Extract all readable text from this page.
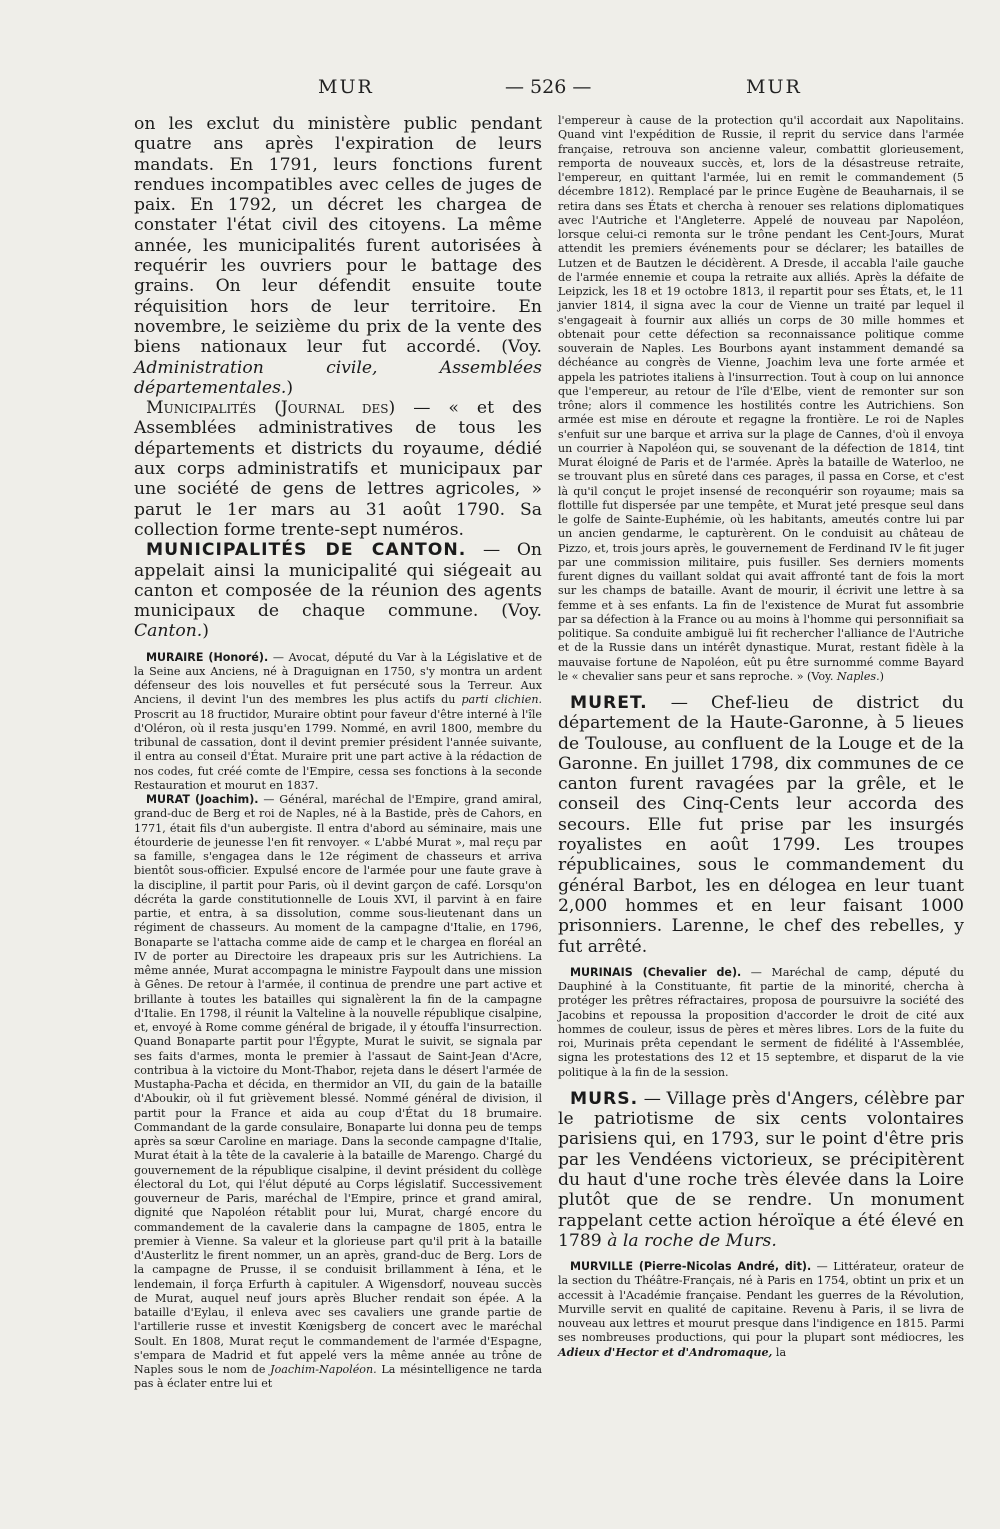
MUR	— 526 —	MUR

on les exclut du ministère public pendant quatre ans après l'expiration de leurs mandats. En 1791, leurs fonctions furent rendues incompatibles avec celles de juges de paix. En 1792, un décret les chargea de constater l'état civil des citoyens. La même année, les municipalités furent autorisées à requérir les ouvriers pour le battage des grains. On leur défendit ensuite toute réquisition hors de leur territoire. En novembre, le seizième du prix de la vente des biens nationaux leur fut accordé. (Voy. Administration civile, Assemblées départementales.)

Municipalités (Journal des) — « et des Assemblées administratives de tous les départements et districts du royaume, dédié aux corps administratifs et municipaux par une société de gens de lettres agricoles, » parut le 1er mars au 31 août 1790. Sa collection forme trente-sept numéros.

MUNICIPALITÉS DE CANTON. — On appelait ainsi la municipalité qui siégeait au canton et composée de la réunion des agents municipaux de chaque commune. (Voy. Canton.)

MURAIRE (Honoré). — Avocat, député du Var à la Législative et de la Seine aux Anciens, né à Draguignan en 1750, s'y montra un ardent défenseur des lois nouvelles et fut persécuté sous la Terreur. Aux Anciens, il devint l'un des membres les plus actifs du parti clichien. Proscrit au 18 fructidor, Muraire obtint pour faveur d'être interné à l'île d'Oléron, où il resta jusqu'en 1799. Nommé, en avril 1800, membre du tribunal de cassation, dont il devint premier président l'année suivante, il entra au conseil d'État. Muraire prit une part active à la rédaction de nos codes, fut créé comte de l'Empire, cessa ses fonctions à la seconde Restauration et mourut en 1837.

MURAT (Joachim). — Général, maréchal de l'Empire, grand amiral, grand-duc de Berg et roi de Naples, né à la Bastide, près de Cahors, en 1771, était fils d'un aubergiste. Il entra d'abord au séminaire, mais une étourderie de jeunesse l'en fit renvoyer. « L'abbé Murat », mal reçu par sa famille, s'engagea dans le 12e régiment de chasseurs et arriva bientôt sous-officier. Expulsé encore de l'armée pour une faute grave à la discipline, il partit pour Paris, où il devint garçon de café. Lorsqu'on décréta la garde constitutionnelle de Louis XVI, il parvint à en faire partie, et entra, à sa dissolution, comme sous-lieutenant dans un régiment de chasseurs. Au moment de la campagne d'Italie, en 1796, Bonaparte se l'attacha comme aide de camp et le chargea en floréal an IV de porter au Directoire les drapeaux pris sur les Autrichiens. La même année, Murat accompagna le ministre Faypoult dans une mission à Gênes. De retour à l'armée, il continua de prendre une part active et brillante à toutes les batailles qui signalèrent la fin de la campagne d'Italie. En 1798, il réunit la Valteline à la nouvelle république cisalpine, et, envoyé à Rome comme général de brigade, il y étouffa l'insurrection. Quand Bonaparte partit pour l'Égypte, Murat le suivit, se signala par ses faits d'armes, monta le premier à l'assaut de Saint-Jean d'Acre, contribua à la victoire du Mont-Thabor, rejeta dans le désert l'armée de Mustapha-Pacha et décida, en thermidor an VII, du gain de la bataille d'Aboukir, où il fut grièvement blessé. Nommé général de division, il partit pour la France et aida au coup d'État du 18 brumaire. Commandant de la garde consulaire, Bonaparte lui donna peu de temps après sa sœur Caroline en mariage. Dans la seconde campagne d'Italie, Murat était à la tête de la cavalerie à la bataille de Marengo. Chargé du gouvernement de la république cisalpine, il devint président du collège électoral du Lot, qui l'élut député au Corps législatif. Successivement gouverneur de Paris, maréchal de l'Empire, prince et grand amiral, dignité que Napoléon rétablit pour lui, Murat, chargé encore du commandement de la cavalerie dans la campagne de 1805, entra le premier à Vienne. Sa valeur et la glorieuse part qu'il prit à la bataille d'Austerlitz le firent nommer, un an après, grand-duc de Berg. Lors de la campagne de Prusse, il se conduisit brillamment à Iéna, et le lendemain, il força Erfurth à capituler. A Wigensdorf, nouveau succès de Murat, auquel neuf jours après Blucher rendait son épée. A la bataille d'Eylau, il enleva avec ses cavaliers une grande partie de l'artillerie russe et investit Kœnigsberg de concert avec le maréchal Soult. En 1808, Murat reçut le commandement de l'armée d'Espagne, s'empara de Madrid et fut appelé vers la même année au trône de Naples sous le nom de Joachim-Napoléon. La mésintelligence ne tarda pas à éclater entre lui et

l'empereur à cause de la protection qu'il accordait aux Napolitains. Quand vint l'expédition de Russie, il reprit du service dans l'armée française, retrouva son ancienne valeur, combattit glorieusement, remporta de nouveaux succès, et, lors de la désastreuse retraite, l'empereur, en quittant l'armée, lui en remit le commandement (5 décembre 1812). Remplacé par le prince Eugène de Beauharnais, il se retira dans ses États et chercha à renouer ses relations diplomatiques avec l'Autriche et l'Angleterre. Appelé de nouveau par Napoléon, lorsque celui-ci remonta sur le trône pendant les Cent-Jours, Murat attendit les premiers événements pour se déclarer; les batailles de Lutzen et de Bautzen le décidèrent. A Dresde, il accabla l'aile gauche de l'armée ennemie et coupa la retraite aux alliés. Après la défaite de Leipzick, les 18 et 19 octobre 1813, il repartit pour ses États, et, le 11 janvier 1814, il signa avec la cour de Vienne un traité par lequel il s'engageait à fournir aux alliés un corps de 30 mille hommes et obtenait pour cette défection sa reconnaissance politique comme souverain de Naples. Les Bourbons ayant instamment demandé sa déchéance au congrès de Vienne, Joachim leva une forte armée et appela les patriotes italiens à l'insurrection. Tout à coup on lui annonce que l'empereur, au retour de l'île d'Elbe, vient de remonter sur son trône; alors il commence les hostilités contre les Autrichiens. Son armée est mise en déroute et regagne la frontière. Le roi de Naples s'enfuit sur une barque et arriva sur la plage de Cannes, d'où il envoya un courrier à Napoléon qui, se souvenant de la défection de 1814, tint Murat éloigné de Paris et de l'armée. Après la bataille de Waterloo, ne se trouvant plus en sûreté dans ces parages, il passa en Corse, et c'est là qu'il conçut le projet insensé de reconquérir son royaume; mais sa flottille fut dispersée par une tempête, et Murat jeté presque seul dans le golfe de Sainte-Euphémie, où les habitants, ameutés contre lui par un ancien gendarme, le capturèrent. On le conduisit au château de Pizzo, et, trois jours après, le gouvernement de Ferdinand IV le fit juger par une commission militaire, puis fusiller. Ses derniers moments furent dignes du vaillant soldat qui avait affronté tant de fois la mort sur les champs de bataille. Avant de mourir, il écrivit une lettre à sa femme et à ses enfants. La fin de l'existence de Murat fut assombrie par sa défection à la France ou au moins à l'homme qui personnifiait sa politique. Sa conduite ambiguë lui fit rechercher l'alliance de l'Autriche et de la Russie dans un intérêt dynastique. Murat, restant fidèle à la mauvaise fortune de Napoléon, eût pu être surnommé comme Bayard le « chevalier sans peur et sans reproche. » (Voy. Naples.)

MURET. — Chef-lieu de district du département de la Haute-Garonne, à 5 lieues de Toulouse, au confluent de la Louge et de la Garonne. En juillet 1798, dix communes de ce canton furent ravagées par la grêle, et le conseil des Cinq-Cents leur accorda des secours. Elle fut prise par les insurgés royalistes en août 1799. Les troupes républicaines, sous le commandement du général Barbot, les en délogea en leur tuant 2,000 hommes et en leur faisant 1000 prisonniers. Larenne, le chef des rebelles, y fut arrêté.

MURINAIS (Chevalier de). — Maréchal de camp, député du Dauphiné à la Constituante, fit partie de la minorité, chercha à protéger les prêtres réfractaires, proposa de poursuivre la société des Jacobins et repoussa la proposition d'accorder le droit de cité aux hommes de couleur, issus de pères et mères libres. Lors de la fuite du roi, Murinais prêta cependant le serment de fidélité à l'Assemblée, signa les protestations des 12 et 15 septembre, et disparut de la vie politique à la fin de la session.

MURS. — Village près d'Angers, célèbre par le patriotisme de six cents volontaires parisiens qui, en 1793, sur le point d'être pris par les Vendéens victorieux, se précipitèrent du haut d'une roche très élevée dans la Loire plutôt que de se rendre. Un monument rappelant cette action héroïque a été élevé en 1789 à la roche de Murs.

MURVILLE (Pierre-Nicolas André, dit). — Littérateur, orateur de la section du Théâtre-Français, né à Paris en 1754, obtint un prix et un accessit à l'Académie française. Pendant les guerres de la Révolution, Murville servit en qualité de capitaine. Revenu à Paris, il se livra de nouveau aux lettres et mourut presque dans l'indigence en 1815. Parmi ses nombreuses productions, qui pour la plupart sont médiocres, les Adieux d'Hector et d'Andromaque, la
